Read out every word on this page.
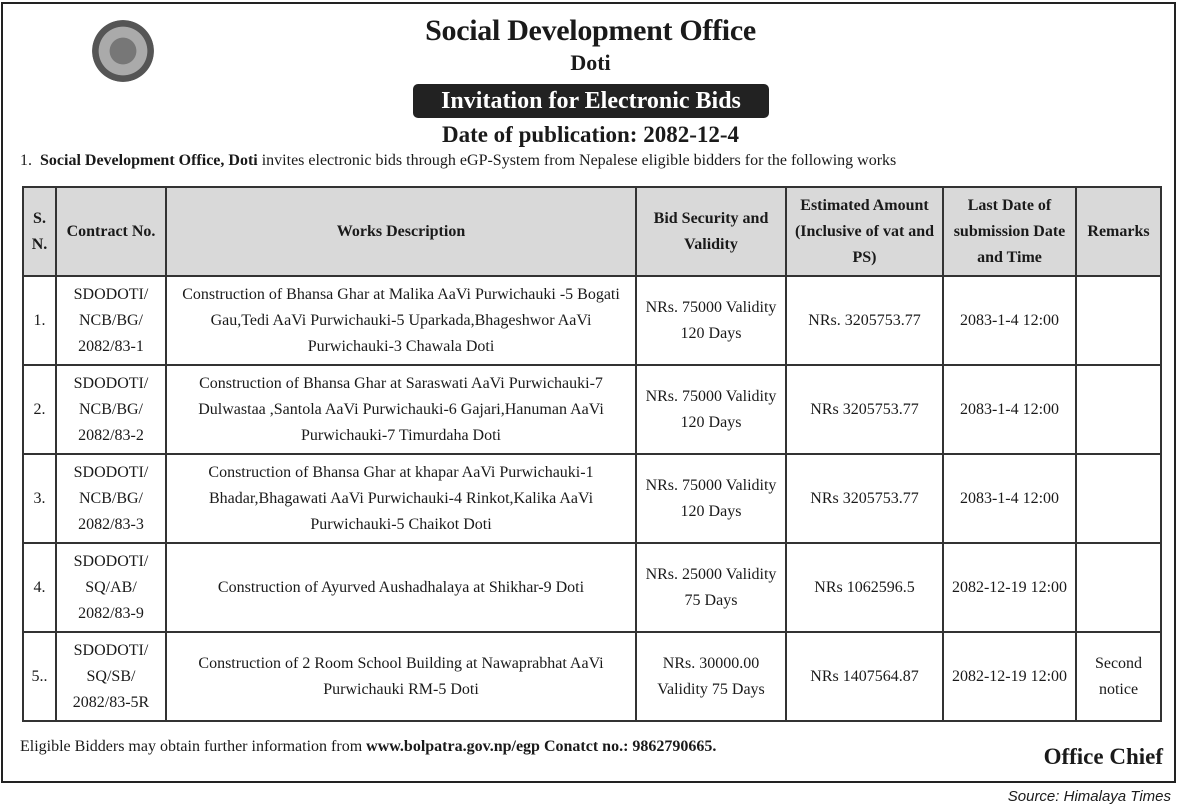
Social Development Office
Doti
Invitation for Electronic Bids
Date of publication: 2082-12-4
1. Social Development Office, Doti invites electronic bids through eGP-System from Nepalese eligible bidders for the following works
S. N.	Contract No.	Works Description	Bid Security and Validity	Estimated Amount (Inclusive of vat and PS)	Last Date of submission Date and Time	Remarks
1.	SDODOTI/ NCB/BG/ 2082/83-1	Construction of Bhansa Ghar at Malika AaVi Purwichauki -5 Bogati Gau,Tedi AaVi Purwichauki-5 Uparkada,Bhageshwor AaVi Purwichauki-3 Chawala Doti	NRs. 75000 Validity 120 Days	NRs. 3205753.77	2083-1-4 12:00	
2.	SDODOTI/ NCB/BG/ 2082/83-2	Construction of Bhansa Ghar at Saraswati AaVi Purwichauki-7 Dulwastaa ,Santola AaVi Purwichauki-6 Gajari,Hanuman AaVi Purwichauki-7 Timurdaha Doti	NRs. 75000 Validity 120 Days	NRs 3205753.77	2083-1-4 12:00	
3.	SDODOTI/ NCB/BG/ 2082/83-3	Construction of Bhansa Ghar at khapar AaVi Purwichauki-1 Bhadar,Bhagawati AaVi Purwichauki-4 Rinkot,Kalika AaVi Purwichauki-5 Chaikot Doti	NRs. 75000 Validity 120 Days	NRs 3205753.77	2083-1-4 12:00	
4.	SDODOTI/ SQ/AB/ 2082/83-9	Construction of Ayurved Aushadhalaya at Shikhar-9 Doti	NRs. 25000 Validity 75 Days	NRs 1062596.5	2082-12-19 12:00	
5..	SDODOTI/ SQ/SB/ 2082/83-5R	Construction of 2 Room School Building at Nawaprabhat AaVi Purwichauki RM-5 Doti	NRs. 30000.00 Validity 75 Days	NRs 1407564.87	2082-12-19 12:00	Second notice
Eligible Bidders may obtain further information from www.bolpatra.gov.np/egp Conatct no.: 9862790665.	Office Chief
Source: Himalaya Times
